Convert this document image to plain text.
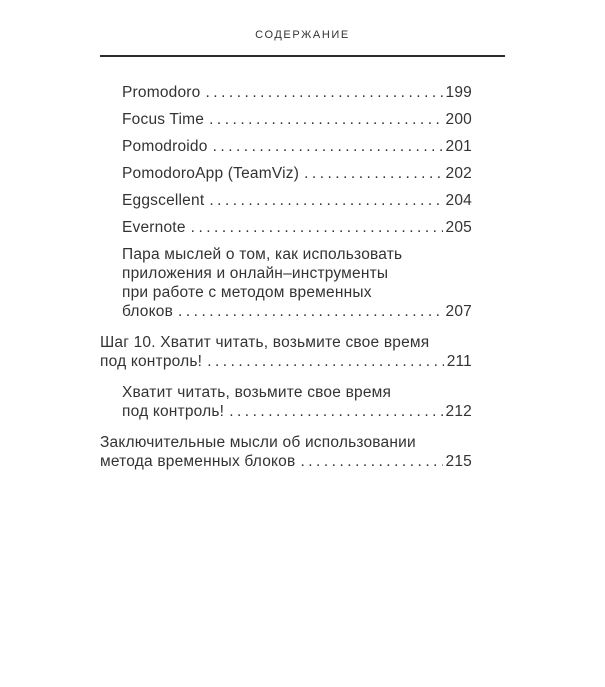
СОДЕРЖАНИЕ
Promodoro .....	199
Focus Time .....	200
Pomodroido .....	201
PomodoroApp (TeamViz) .....	202
Eggscellent .....	204
Evernote .....	205
Пара мыслей о том, как использовать
приложения и онлайн–инструменты
при работе с методом временных
блоков .....	207
Шаг 10. Хватит читать, возьмите свое время
под контроль! .....	211
Хватит читать, возьмите свое время
под контроль! .....	212
Заключительные мысли об использовании
метода временных блоков .....	215
